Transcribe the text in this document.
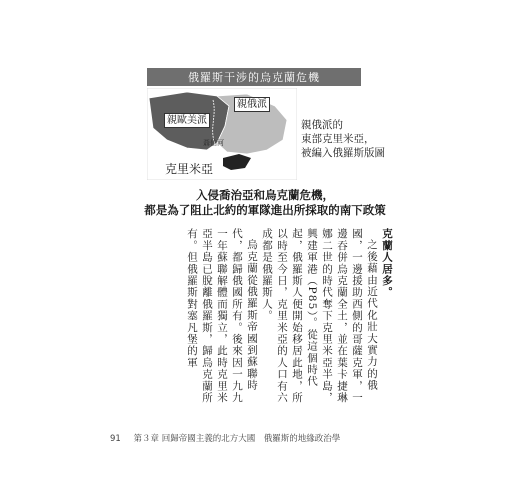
俄羅斯干涉的烏克蘭危機
親歐美派
親俄派
聶伯河
克里米亞
親俄派的
東部克里米亞，
被編入俄羅斯版圖
入侵喬治亞和烏克蘭危機，
都是為了阻止北約的軍隊進出所採取的南下政策

克蘭人居多。

之後藉由近代化壯大實力的俄國，一邊援助西側的哥薩克軍，一邊吞併烏克蘭全土，並在葉卡捷琳娜二世的時代奪下克里米亞半島，興建軍港（P85）。從這個時代起，俄羅斯人便開始移居此地，所以時至今日，克里米亞的人口有六成都是俄羅斯人。

烏克蘭從俄羅斯帝國到蘇聯時代，都歸俄國所有。後來因一九九一年蘇聯解體而獨立，此時克里米亞半島已脫離俄羅斯，歸烏克蘭所有。但俄羅斯對塞凡堡的軍

91 第３章 回歸帝國主義的北方大國　俄羅斯的地緣政治學
